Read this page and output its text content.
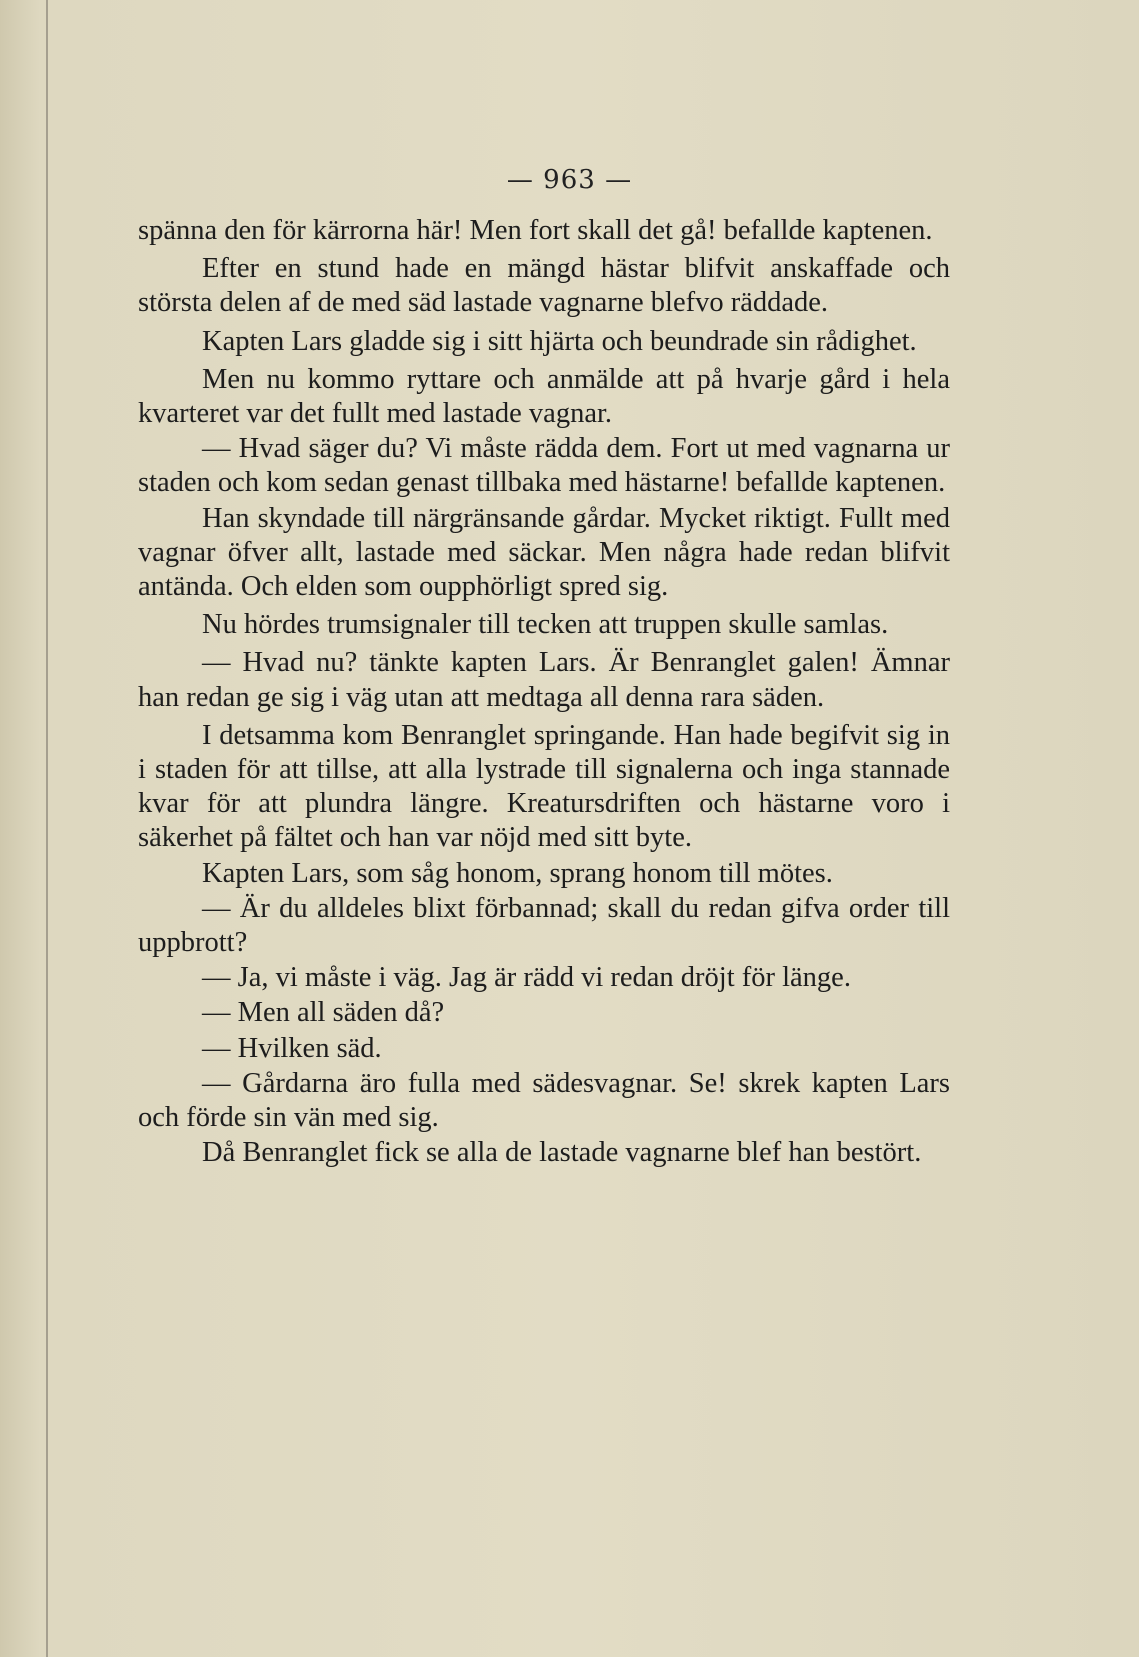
— 963 —

spänna den för kärrorna här! Men fort skall det gå! befallde kaptenen.

Efter en stund hade en mängd hästar blifvit anskaffade och största delen af de med säd lastade vagnarne blefvo räddade.

Kapten Lars gladde sig i sitt hjärta och beundrade sin rådighet.

Men nu kommo ryttare och anmälde att på hvarje gård i hela kvarteret var det fullt med lastade vagnar.

— Hvad säger du? Vi måste rädda dem. Fort ut med vagnarna ur staden och kom sedan genast tillbaka med hästarne! befallde kaptenen.

Han skyndade till närgränsande gårdar. Mycket riktigt. Fullt med vagnar öfver allt, lastade med säckar. Men några hade redan blifvit antända. Och elden som oupphörligt spred sig.

Nu hördes trumsignaler till tecken att truppen skulle samlas.

— Hvad nu? tänkte kapten Lars. Är Benranglet galen! Ämnar han redan ge sig i väg utan att medtaga all denna rara säden.

I detsamma kom Benranglet springande. Han hade begifvit sig in i staden för att tillse, att alla lystrade till signalerna och inga stannade kvar för att plundra längre. Kreatursdriften och hästarne voro i säkerhet på fältet och han var nöjd med sitt byte.

Kapten Lars, som såg honom, sprang honom till mötes.

— Är du alldeles blixt förbannad; skall du redan gifva order till uppbrott?

— Ja, vi måste i väg. Jag är rädd vi redan dröjt för länge.

— Men all säden då?

— Hvilken säd.

— Gårdarna äro fulla med sädesvagnar. Se! skrek kapten Lars och förde sin vän med sig.

Då Benranglet fick se alla de lastade vagnarne blef han bestört.
